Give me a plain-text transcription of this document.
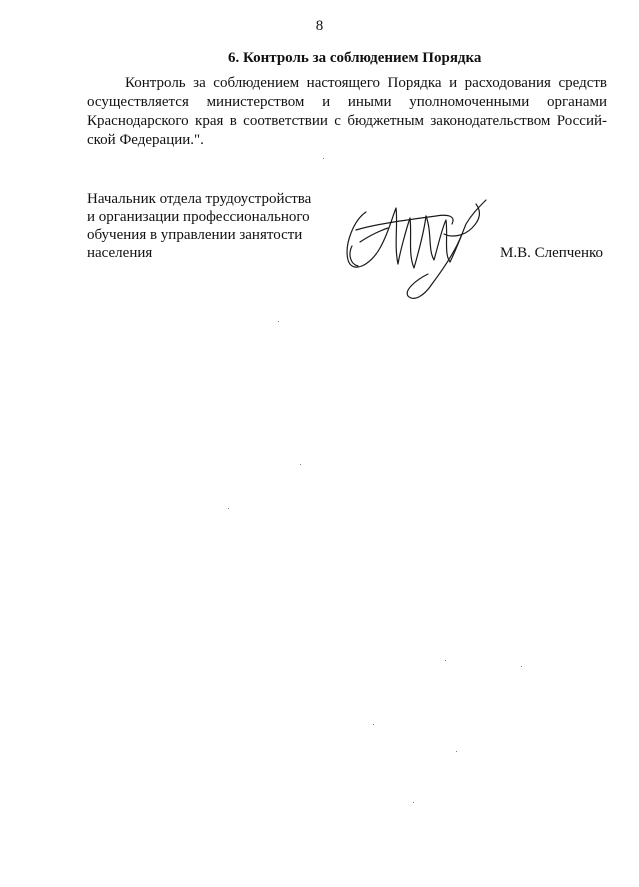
8
6. Контроль за соблюдением Порядка
Контроль за соблюдением настоящего Порядка и расходования средств
осуществляется министерством и иными уполномоченными органами
Краснодарского края в соответствии с бюджетным законодательством Россий-
ской Федерации.".
Начальник отдела трудоустройства
и организации профессионального
обучения в управлении занятости
населения	М.В. Слепченко
